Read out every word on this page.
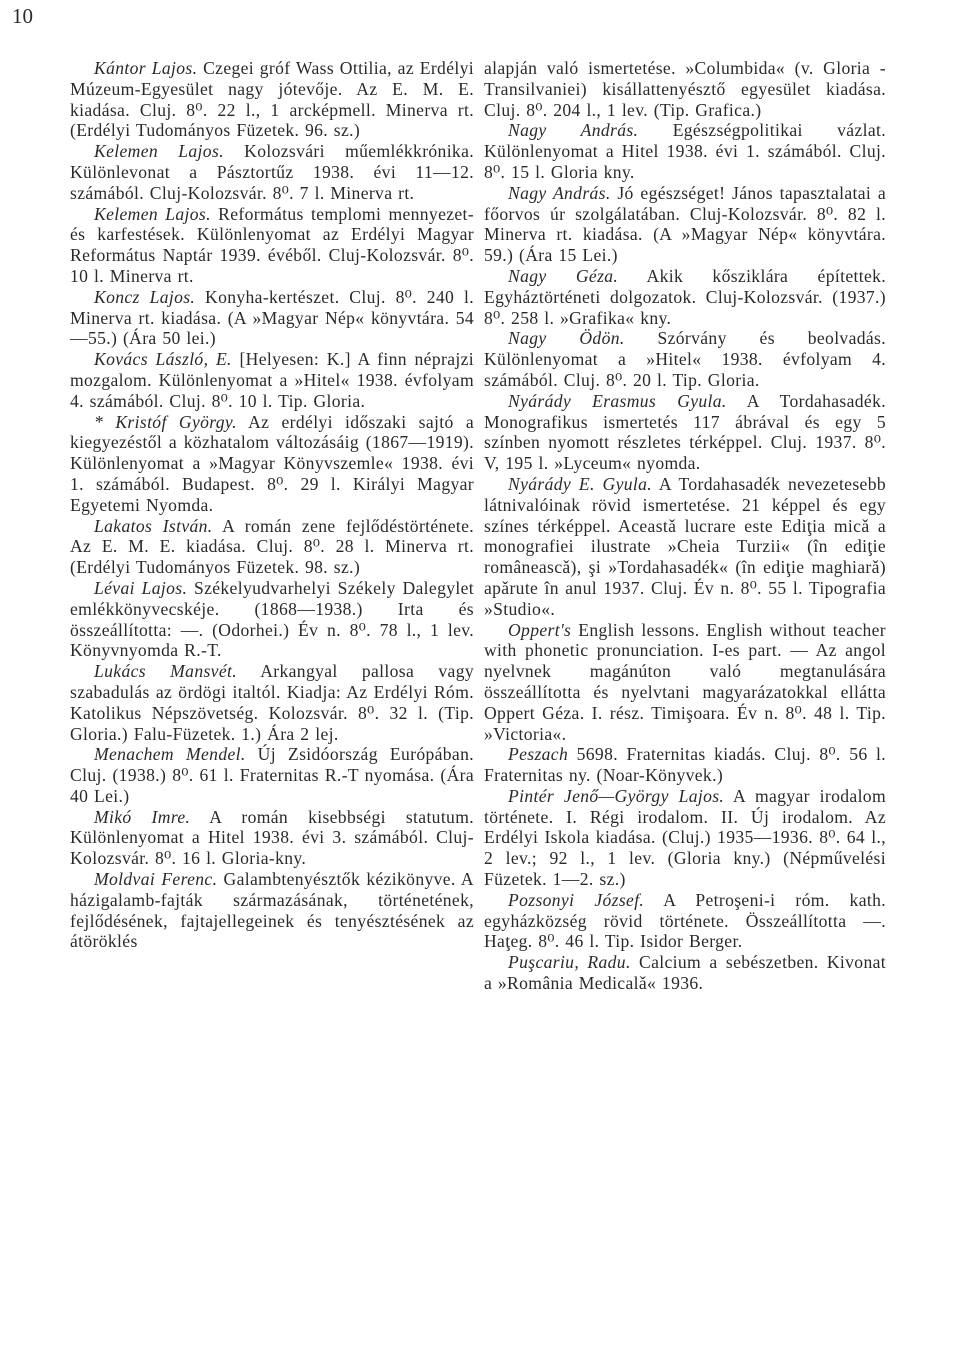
10

Kántor Lajos. Czegei gróf Wass Ottilia, az Erdélyi Múzeum-Egyesület nagy jótevője. Az E. M. E. kiadása. Cluj. 8⁰. 22 l., 1 arcképmell. Minerva rt. (Erdélyi Tudományos Füzetek. 96. sz.)

Kelemen Lajos. Kolozsvári műemlékkrónika. Különlevonat a Pásztortűz 1938. évi 11—12. számából. Cluj-Kolozsvár. 8⁰. 7 l. Minerva rt.

Kelemen Lajos. Református templomi mennyezet- és karfestések. Különlenyomat az Erdélyi Magyar Református Naptár 1939. évéből. Cluj-Kolozsvár. 8⁰. 10 l. Minerva rt.

Koncz Lajos. Konyha-kertészet. Cluj. 8⁰. 240 l. Minerva rt. kiadása. (A »Magyar Nép« könyvtára. 54—55.) (Ára 50 lei.)

Kovács László, E. [Helyesen: K.] A finn néprajzi mozgalom. Különlenyomat a »Hitel« 1938. évfolyam 4. számából. Cluj. 8⁰. 10 l. Tip. Gloria.

* Kristóf György. Az erdélyi időszaki sajtó a kiegyezéstől a közhatalom változásáig (1867—1919). Különlenyomat a »Magyar Könyvszemle« 1938. évi 1. számából. Budapest. 8⁰. 29 l. Királyi Magyar Egyetemi Nyomda.

Lakatos István. A román zene fejlődéstörténete. Az E. M. E. kiadása. Cluj. 8⁰. 28 l. Minerva rt. (Erdélyi Tudományos Füzetek. 98. sz.)

Lévai Lajos. Székelyudvarhelyi Székely Dalegylet emlékkönyvecskéje. (1868—1938.) Irta és összeállította: —. (Odorhei.) Év n. 8⁰. 78 l., 1 lev. Könyvnyomda R.-T.

Lukács Mansvét. Arkangyal pallosa vagy szabadulás az ördögi italtól. Kiadja: Az Erdélyi Róm. Katolikus Népszövetség. Kolozsvár. 8⁰. 32 l. (Tip. Gloria.) Falu-Füzetek. 1.) Ára 2 lej.

Menachem Mendel. Új Zsidóország Európában. Cluj. (1938.) 8⁰. 61 l. Fraternitas R.-T nyomása. (Ára 40 Lei.)

Mikó Imre. A román kisebbségi statutum. Különlenyomat a Hitel 1938. évi 3. számából. Cluj-Kolozsvár. 8⁰. 16 l. Gloria-kny.

Moldvai Ferenc. Galambtenyésztők kézikönyve. A házigalamb-fajták származásának, történetének, fejlődésének, fajtajellegeinek és tenyésztésének az átöröklés

alapján való ismertetése. »Columbida« (v. Gloria - Transilvaniei) kisállattenyésztő egyesület kiadása. Cluj. 8⁰. 204 l., 1 lev. (Tip. Grafica.)

Nagy András. Egészségpolitikai vázlat. Különlenyomat a Hitel 1938. évi 1. számából. Cluj. 8⁰. 15 l. Gloria kny.

Nagy András. Jó egészséget! János tapasztalatai a főorvos úr szolgálatában. Cluj-Kolozsvár. 8⁰. 82 l. Minerva rt. kiadása. (A »Magyar Nép« könyvtára. 59.) (Ára 15 Lei.)

Nagy Géza. Akik kősziklára építettek. Egyháztörténeti dolgozatok. Cluj-Kolozsvár. (1937.) 8⁰. 258 l. »Grafika« kny.

Nagy Ödön. Szórvány és beolvadás. Különlenyomat a »Hitel« 1938. évfolyam 4. számából. Cluj. 8⁰. 20 l. Tip. Gloria.

Nyárády Erasmus Gyula. A Tordahasadék. Monografikus ismertetés 117 ábrával és egy 5 színben nyomott részletes térképpel. Cluj. 1937. 8⁰. V, 195 l. »Lyceum« nyomda.

Nyárády E. Gyula. A Tordahasadék nevezetesebb látnivalóinak rövid ismertetése. 21 képpel és egy színes térképpel. Aceastǎ lucrare este Ediţia micǎ a monografiei ilustrate »Cheia Turzii« (în ediţie româneascǎ), şi »Tordahasadék« (în ediţie maghiarǎ) apǎrute în anul 1937. Cluj. Év n. 8⁰. 55 l. Tipografia »Studio«.

Oppert's English lessons. English without teacher with phonetic pronunciation. I-es part. — Az angol nyelvnek magánúton való megtanulására összeállította és nyelvtani magyarázatokkal ellátta Oppert Géza. I. rész. Timişoara. Év n. 8⁰. 48 l. Tip. »Victoria«.

Peszach 5698. Fraternitas kiadás. Cluj. 8⁰. 56 l. Fraternitas ny. (Noar-Könyvek.)

Pintér Jenő—György Lajos. A magyar irodalom története. I. Régi irodalom. II. Új irodalom. Az Erdélyi Iskola kiadása. (Cluj.) 1935—1936. 8⁰. 64 l., 2 lev.; 92 l., 1 lev. (Gloria kny.) (Népművelési Füzetek. 1—2. sz.)

Pozsonyi József. A Petroşeni-i róm. kath. egyházközség rövid története. Összeállította —. Haţeg. 8⁰. 46 l. Tip. Isidor Berger.

Puşcariu, Radu. Calcium a sebészetben. Kivonat a »România Medicalǎ« 1936.
